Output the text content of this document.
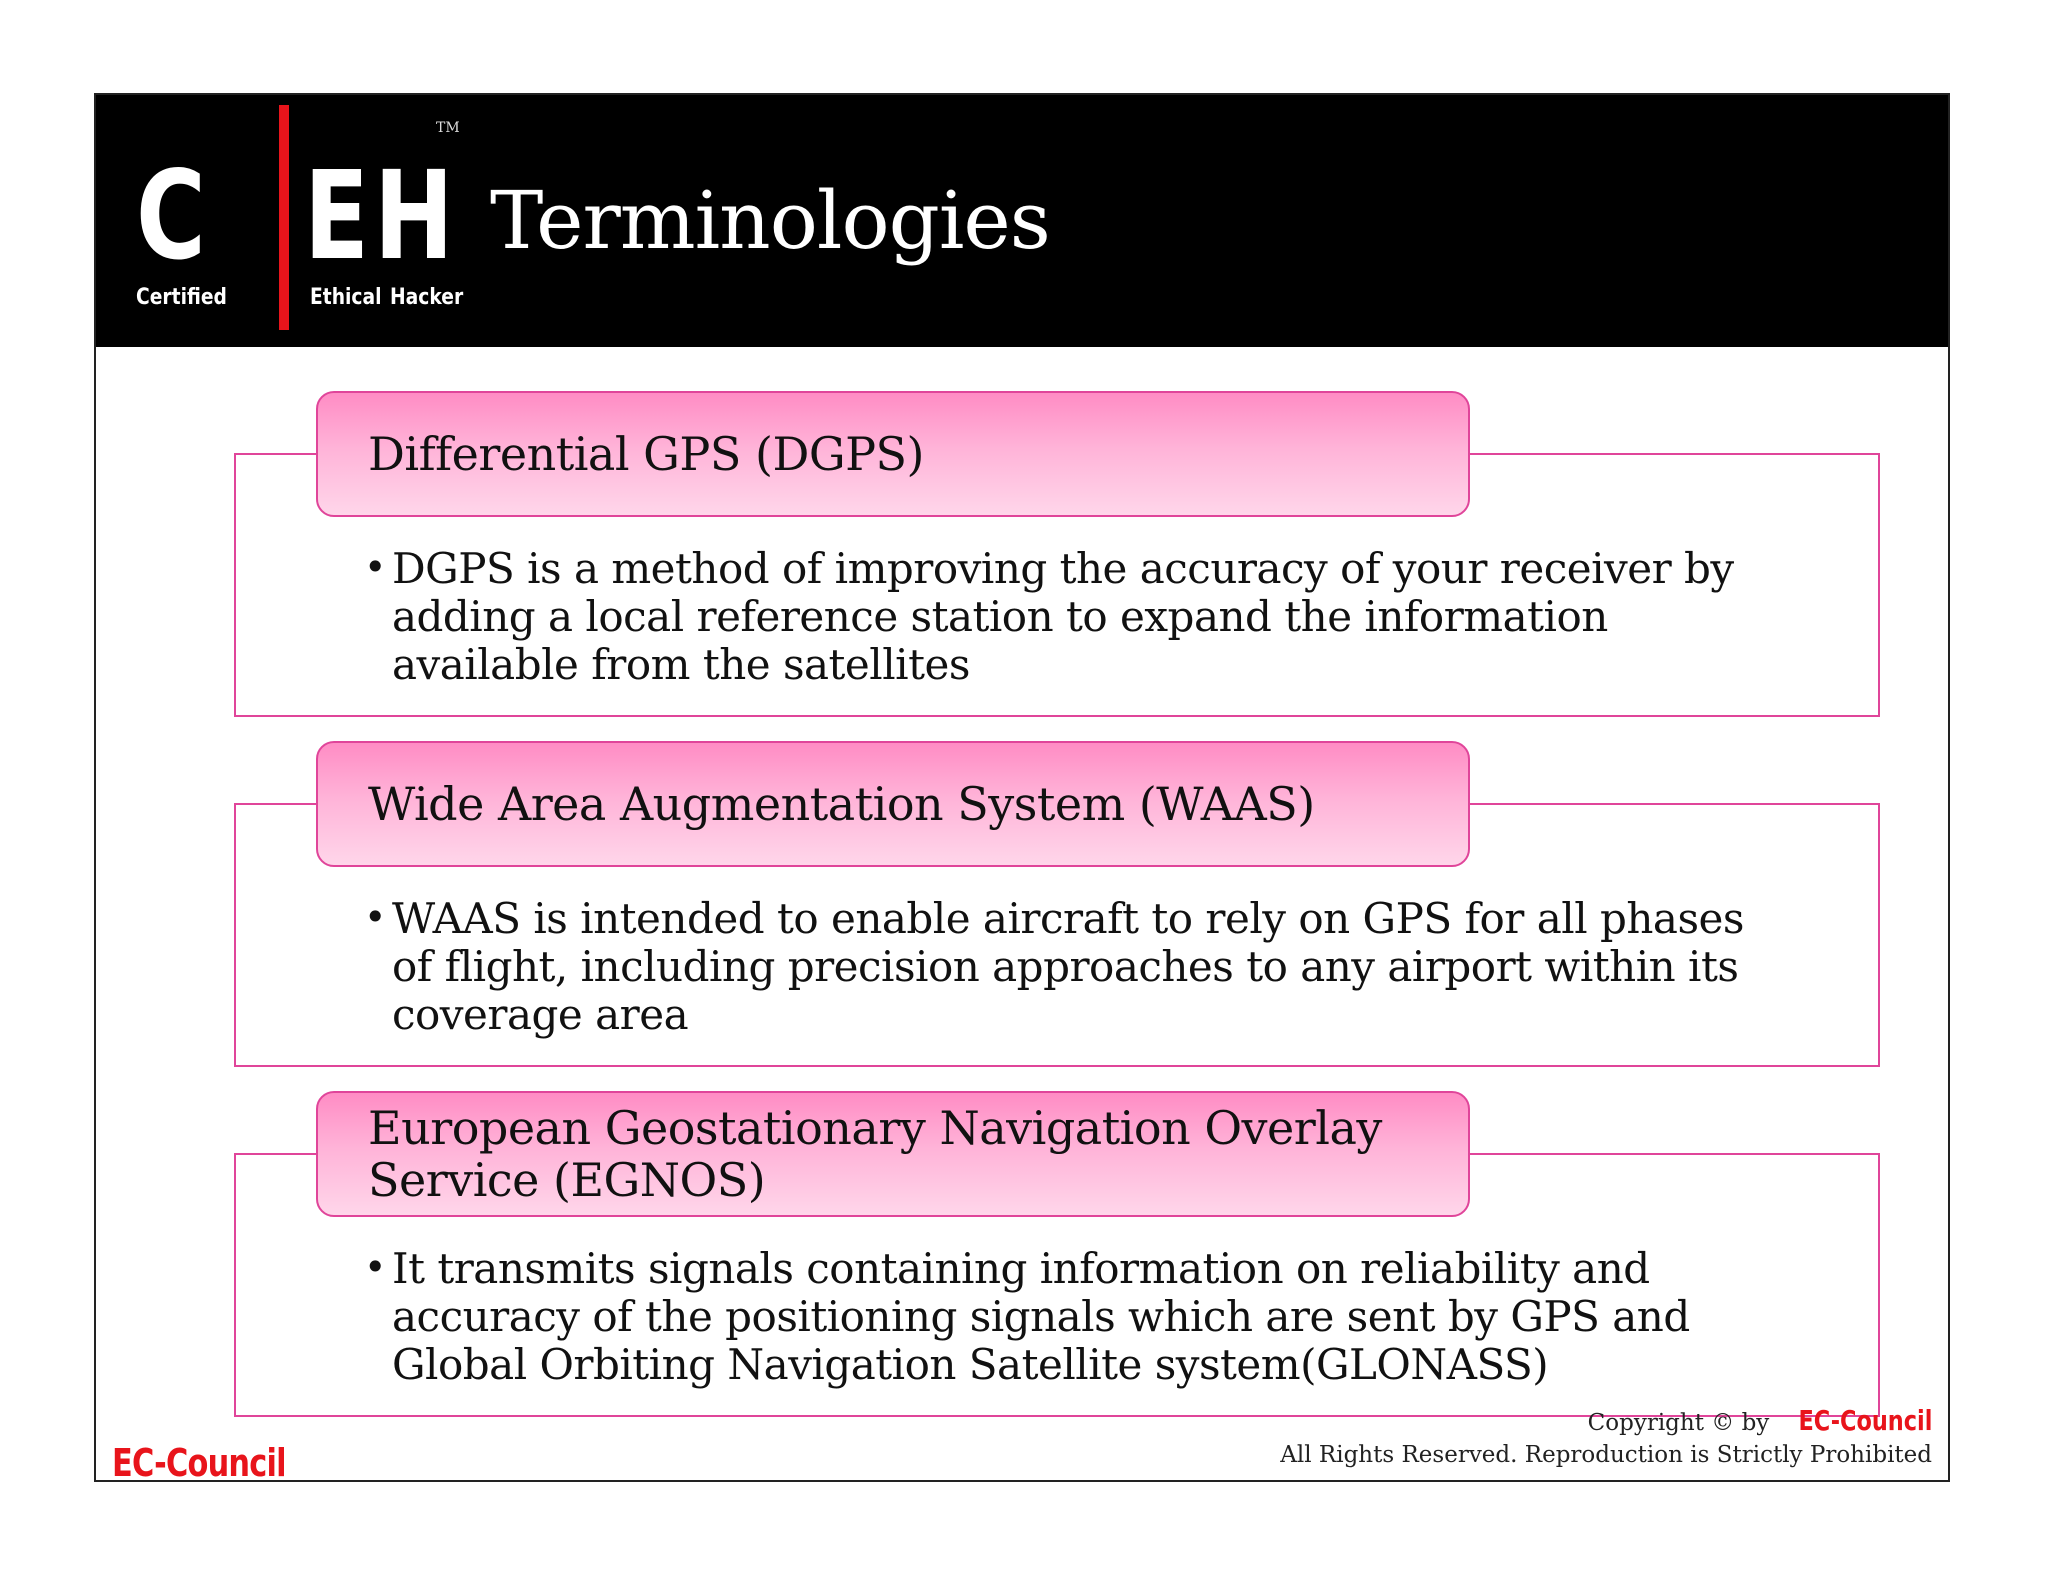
C E H
Certified	Ethical Hacker
TM
Terminologies
Differential GPS (DGPS)
• DGPS is a method of improving the accuracy of your receiver by adding a local reference station to expand the information available from the satellites
Wide Area Augmentation System (WAAS)
• WAAS is intended to enable aircraft to rely on GPS for all phases of flight, including precision approaches to any airport within its coverage area
European Geostationary Navigation Overlay Service (EGNOS)
• It transmits signals containing information on reliability and accuracy of the positioning signals which are sent by GPS and Global Orbiting Navigation Satellite system(GLONASS)
EC-Council
Copyright © by EC-Council
All Rights Reserved. Reproduction is Strictly Prohibited
